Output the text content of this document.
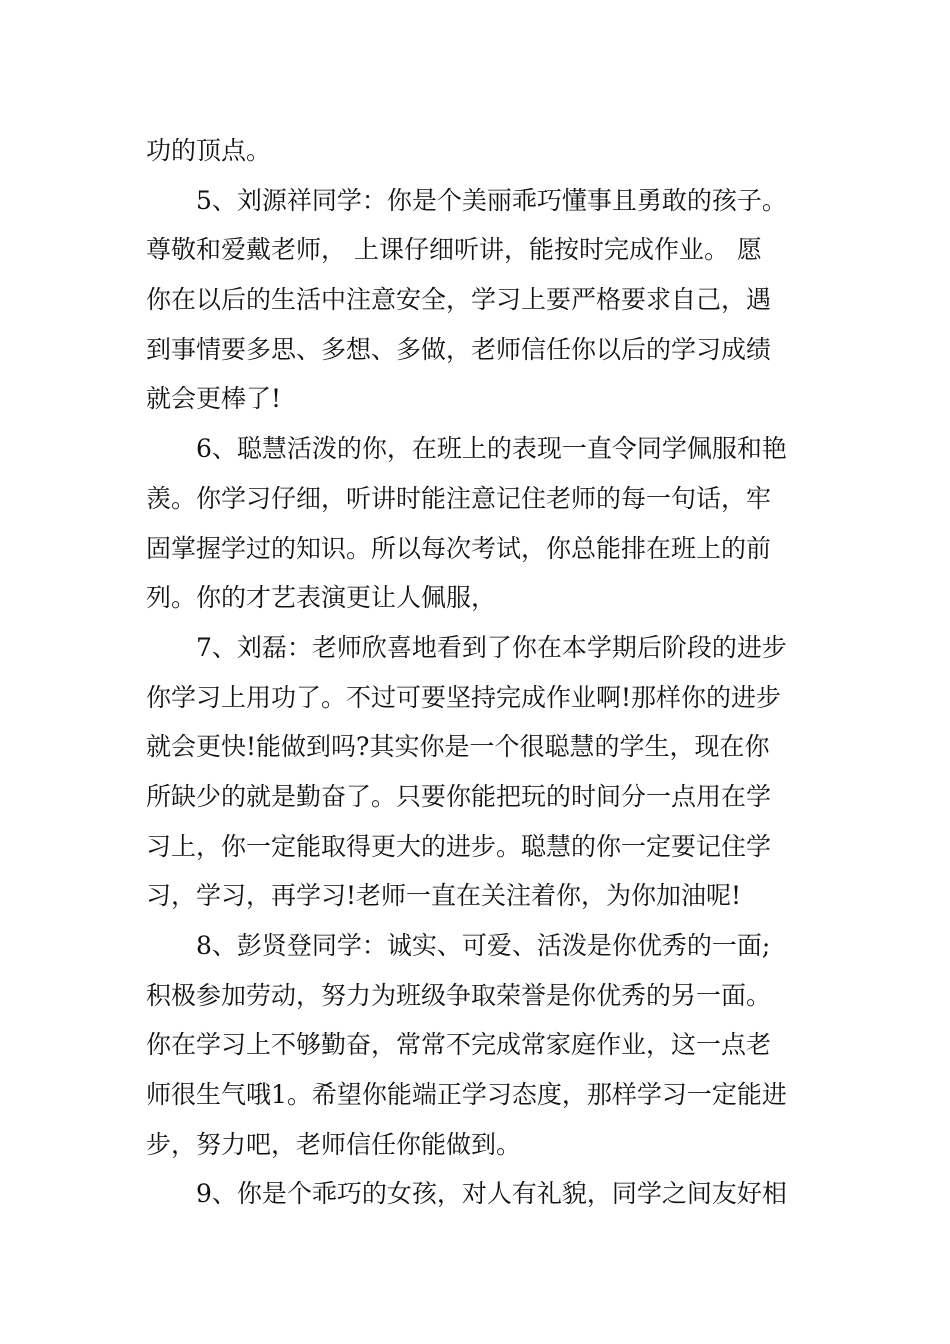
功的顶点。
5、刘源祥同学：你是个美丽乖巧懂事且勇敢的孩子。
尊敬和爱戴老师， 上课仔细听讲，能按时完成作业。 愿
你在以后的生活中注意安全，学习上要严格要求自己，遇
到事情要多思、多想、多做，老师信任你以后的学习成绩
就会更棒了!
6、聪慧活泼的你，在班上的表现一直令同学佩服和艳
羡。你学习仔细，听讲时能注意记住老师的每一句话，牢
固掌握学过的知识。所以每次考试，你总能排在班上的前
列。你的才艺表演更让人佩服，
7、刘磊：老师欣喜地看到了你在本学期后阶段的进步
你学习上用功了。不过可要坚持完成作业啊!那样你的进步
就会更快!能做到吗?其实你是一个很聪慧的学生，现在你
所缺少的就是勤奋了。只要你能把玩的时间分一点用在学
习上，你一定能取得更大的进步。聪慧的你一定要记住学
习，学习，再学习!老师一直在关注着你，为你加油呢!
8、彭贤登同学：诚实、可爱、活泼是你优秀的一面;
积极参加劳动，努力为班级争取荣誉是你优秀的另一面。
你在学习上不够勤奋，常常不完成常家庭作业，这一点老
师很生气哦1。希望你能端正学习态度，那样学习一定能进
步，努力吧，老师信任你能做到。
9、你是个乖巧的女孩，对人有礼貌，同学之间友好相
